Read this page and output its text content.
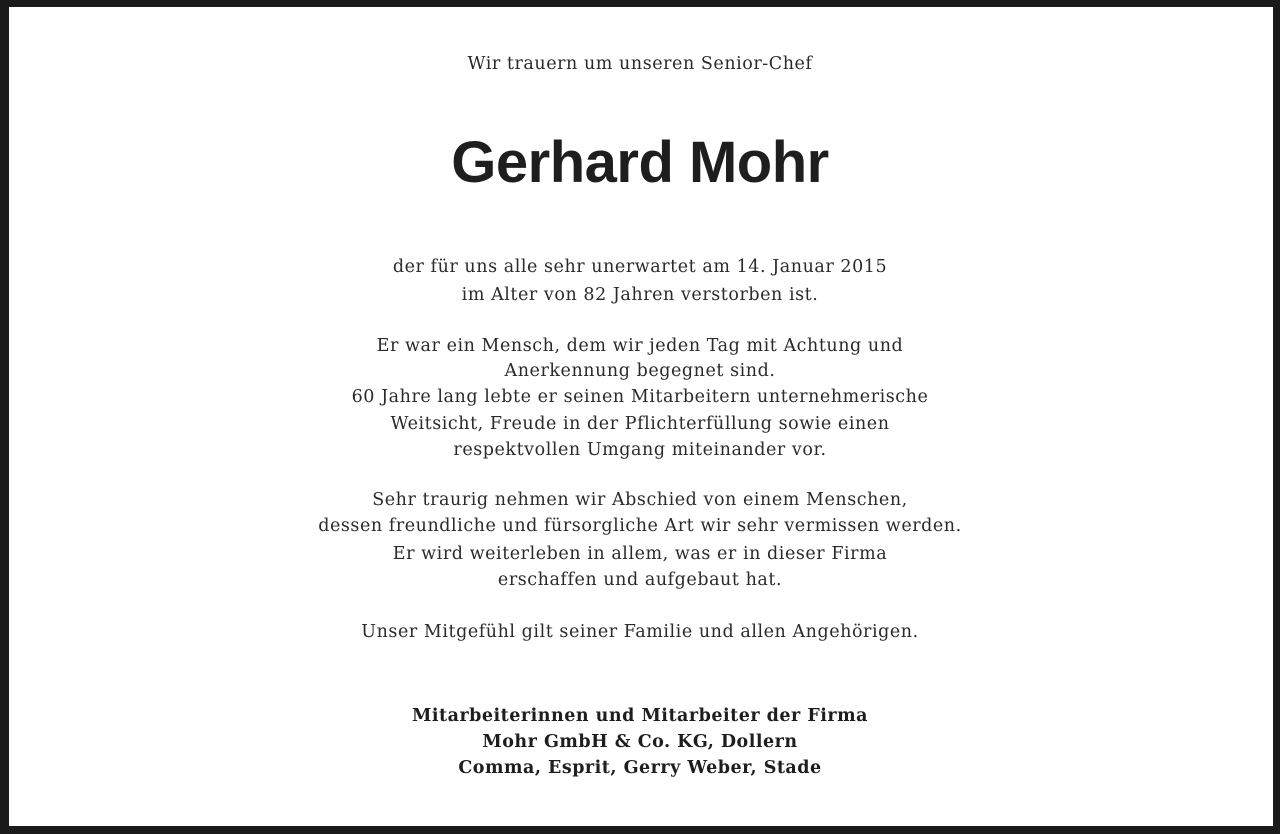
Wir trauern um unseren Senior-Chef

Gerhard Mohr

der für uns alle sehr unerwartet am 14. Januar 2015

im Alter von 82 Jahren verstorben ist.

Er war ein Mensch, dem wir jeden Tag mit Achtung und

Anerkennung begegnet sind.

60 Jahre lang lebte er seinen Mitarbeitern unternehmerische

Weitsicht, Freude in der Pflichterfüllung sowie einen

respektvollen Umgang miteinander vor.

Sehr traurig nehmen wir Abschied von einem Menschen,

dessen freundliche und fürsorgliche Art wir sehr vermissen werden.

Er wird weiterleben in allem, was er in dieser Firma

erschaffen und aufgebaut hat.

Unser Mitgefühl gilt seiner Familie und allen Angehörigen.

Mitarbeiterinnen und Mitarbeiter der Firma

Mohr GmbH & Co. KG, Dollern

Comma, Esprit, Gerry Weber, Stade
